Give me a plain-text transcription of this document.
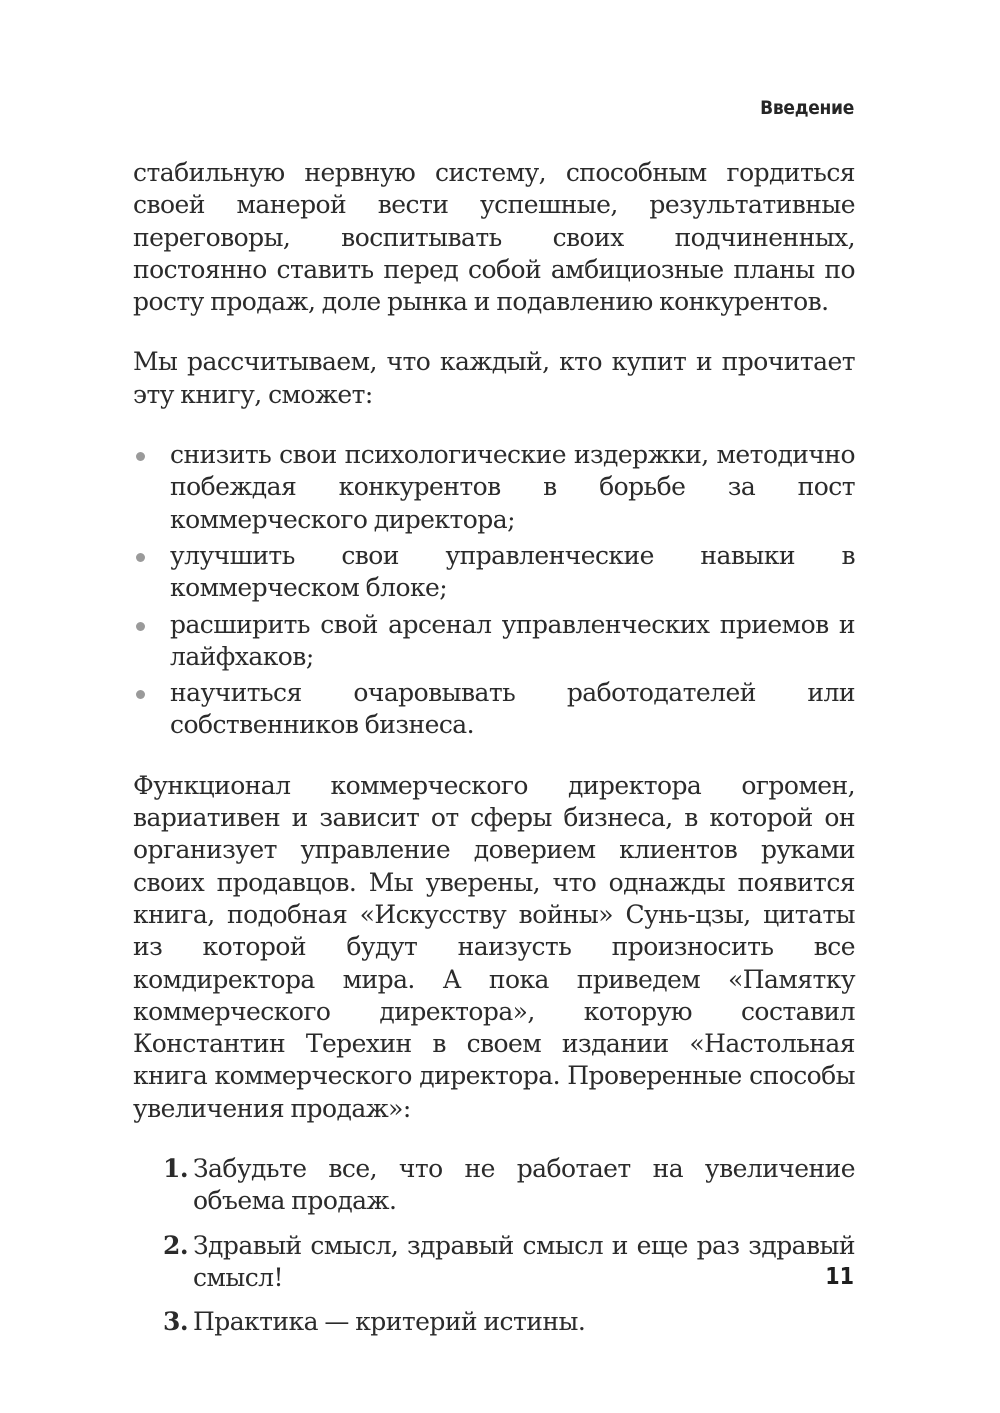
Введение

стабильную нервную систему, способным гордиться своей манерой вести успешные, результативные переговоры, воспитывать своих подчиненных, постоянно ставить перед собой амбициозные планы по росту продаж, доле рынка и подавлению конкурентов.

Мы рассчитываем, что каждый, кто купит и прочитает эту книгу, сможет:

снизить свои психологические издержки, методично побеждая конкурентов в борьбе за пост коммерческого директора;
улучшить свои управленческие навыки в коммерческом блоке;
расширить свой арсенал управленческих приемов и лайфхаков;
научиться очаровывать работодателей или собственников бизнеса.

Функционал коммерческого директора огромен, вариативен и зависит от сферы бизнеса, в которой он организует управление доверием клиентов руками своих продавцов. Мы уверены, что однажды появится книга, подобная «Искусству войны» Сунь-цзы, цитаты из которой будут наизусть произносить все комдиректора мира. А пока приведем «Памятку коммерческого директора», которую составил Константин Терехин в своем издании «Настольная книга коммерческого директора. Проверенные способы увеличения продаж»:

1. Забудьте все, что не работает на увеличение объема продаж.
2. Здравый смысл, здравый смысл и еще раз здравый смысл!
3. Практика — критерий истины.
11
